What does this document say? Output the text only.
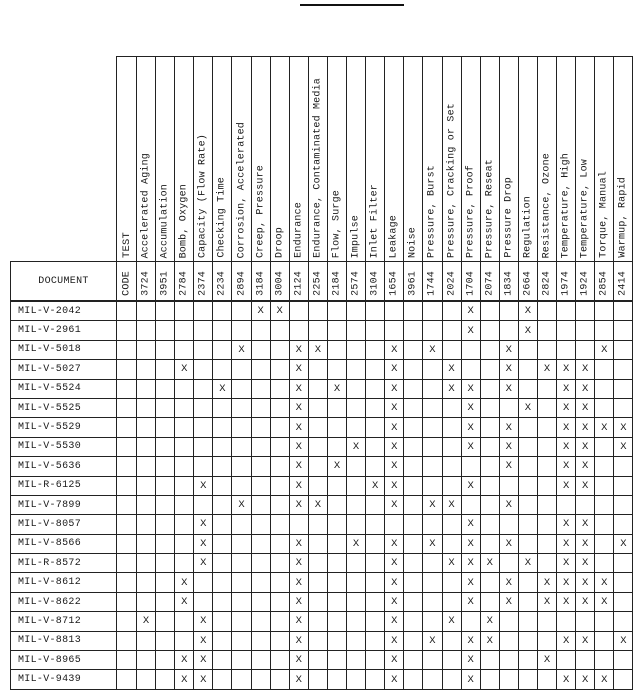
	TEST	Accelerated Aging	Accumulation	Bomb, Oxygen	Capacity (Flow Rate)	Checking Time	Corrosion, Accelerated	Creep, Pressure	Droop	Endurance	Endurance, Contaminated Media	Flow, Surge	Impulse	Inlet Filter	Leakage	Noise	Pressure, Burst	Pressure, Cracking or Set	Pressure, Proof	Pressure, Reseat	Pressure Drop	Regulation	Resistance, Ozone	Temperature, High	Temperature, Low	Torque, Manual	Warmup, Rapid

DOCUMENT	CODE	3724	3951	2784	2374	2234	2894	3184	3004	2124	2254	2184	2574	3104	1654	3961	1744	2024	1704	2074	1834	2664	2824	1974	1924	2854	2414

MIL-V-2042								X	X										X			X					
MIL-V-2961																			X			X					
MIL-V-5018							X			X	X				X		X				X					X	
MIL-V-5027				X						X					X			X			X		X	X	X		
MIL-V-5524						X				X		X			X			X	X		X			X	X		
MIL-V-5525										X					X				X			X		X	X		
MIL-V-5529										X					X				X		X			X	X	X	X
MIL-V-5530										X			X		X				X		X			X	X		X
MIL-V-5636										X		X			X						X			X	X		
MIL-R-6125					X					X				X	X				X					X	X		
MIL-V-7899							X			X	X				X		X	X			X						
MIL-V-8057					X														X					X	X		
MIL-V-8566					X					X			X		X		X		X		X			X	X		X
MIL-R-8572					X					X					X			X	X	X		X		X	X		
MIL-V-8612				X						X					X				X		X		X	X	X	X	
MIL-V-8622				X						X					X				X		X		X	X	X	X	
MIL-V-8712		X			X					X					X			X		X							
MIL-V-8813					X					X					X		X		X	X				X	X		X
MIL-V-8965				X	X					X					X				X				X				
MIL-V-9439				X	X					X					X				X					X	X	X	
